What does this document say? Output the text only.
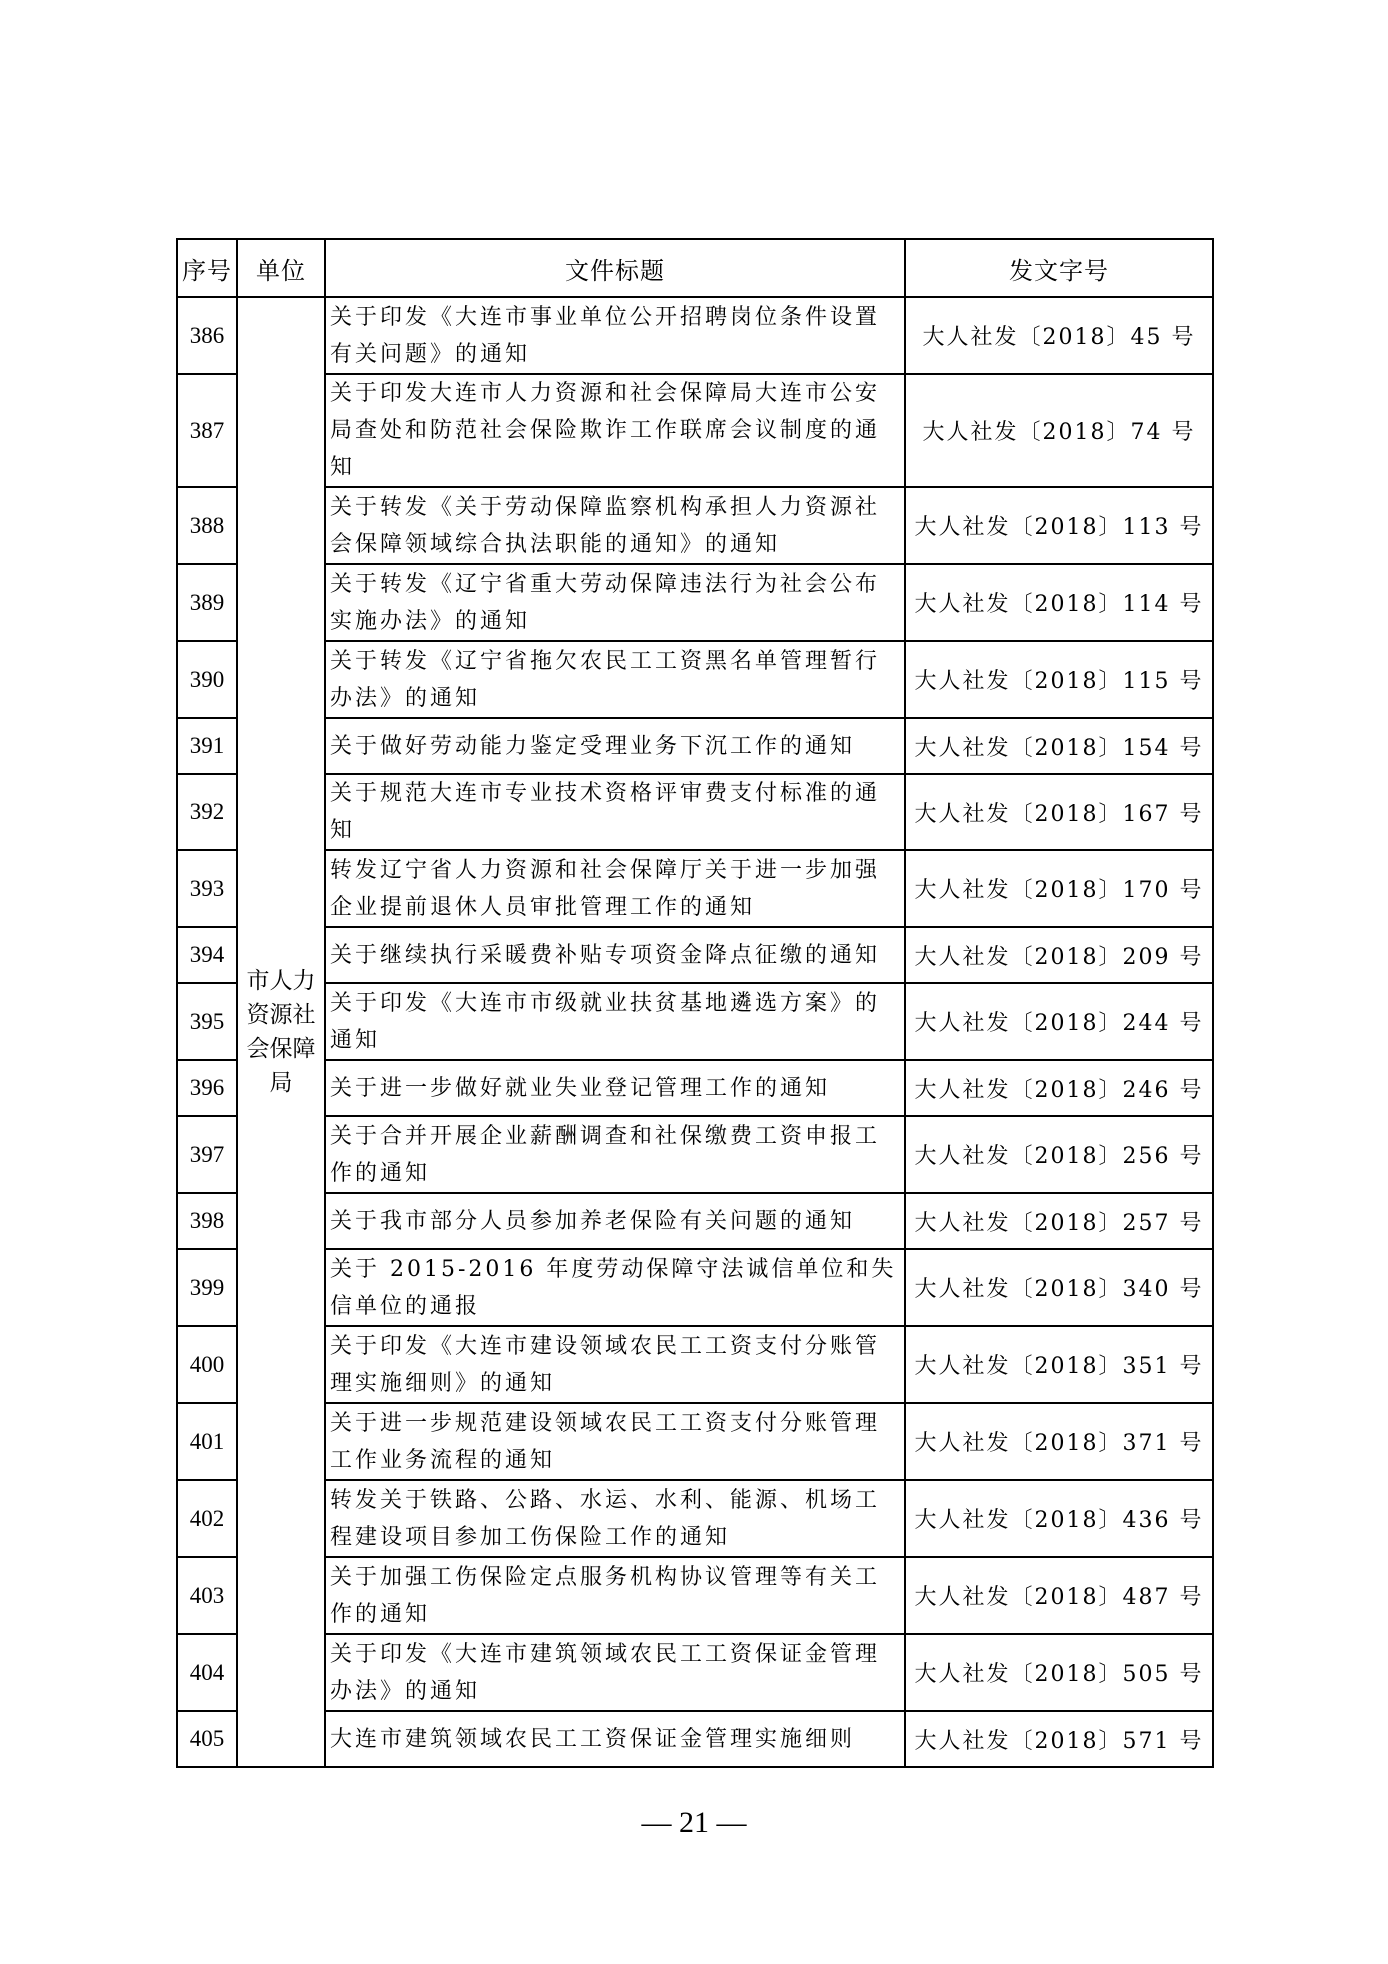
序号	单位	文件标题	发文字号
386	市人力资源社会保障局	关于印发《大连市事业单位公开招聘岗位条件设置有关问题》的通知	大人社发〔2018〕45 号
387		关于印发大连市人力资源和社会保障局大连市公安局查处和防范社会保险欺诈工作联席会议制度的通知	大人社发〔2018〕74 号
388		关于转发《关于劳动保障监察机构承担人力资源社会保障领域综合执法职能的通知》的通知	大人社发〔2018〕113 号
389		关于转发《辽宁省重大劳动保障违法行为社会公布实施办法》的通知	大人社发〔2018〕114 号
390		关于转发《辽宁省拖欠农民工工资黑名单管理暂行办法》的通知	大人社发〔2018〕115 号
391		关于做好劳动能力鉴定受理业务下沉工作的通知	大人社发〔2018〕154 号
392		关于规范大连市专业技术资格评审费支付标准的通知	大人社发〔2018〕167 号
393		转发辽宁省人力资源和社会保障厅关于进一步加强企业提前退休人员审批管理工作的通知	大人社发〔2018〕170 号
394		关于继续执行采暖费补贴专项资金降点征缴的通知	大人社发〔2018〕209 号
395		关于印发《大连市市级就业扶贫基地遴选方案》的通知	大人社发〔2018〕244 号
396		关于进一步做好就业失业登记管理工作的通知	大人社发〔2018〕246 号
397		关于合并开展企业薪酬调查和社保缴费工资申报工作的通知	大人社发〔2018〕256 号
398		关于我市部分人员参加养老保险有关问题的通知	大人社发〔2018〕257 号
399		关于 2015-2016 年度劳动保障守法诚信单位和失信单位的通报	大人社发〔2018〕340 号
400		关于印发《大连市建设领域农民工工资支付分账管理实施细则》的通知	大人社发〔2018〕351 号
401		关于进一步规范建设领域农民工工资支付分账管理工作业务流程的通知	大人社发〔2018〕371 号
402		转发关于铁路、公路、水运、水利、能源、机场工程建设项目参加工伤保险工作的通知	大人社发〔2018〕436 号
403		关于加强工伤保险定点服务机构协议管理等有关工作的通知	大人社发〔2018〕487 号
404		关于印发《大连市建筑领域农民工工资保证金管理办法》的通知	大人社发〔2018〕505 号
405		大连市建筑领域农民工工资保证金管理实施细则	大人社发〔2018〕571 号
— 21 —
